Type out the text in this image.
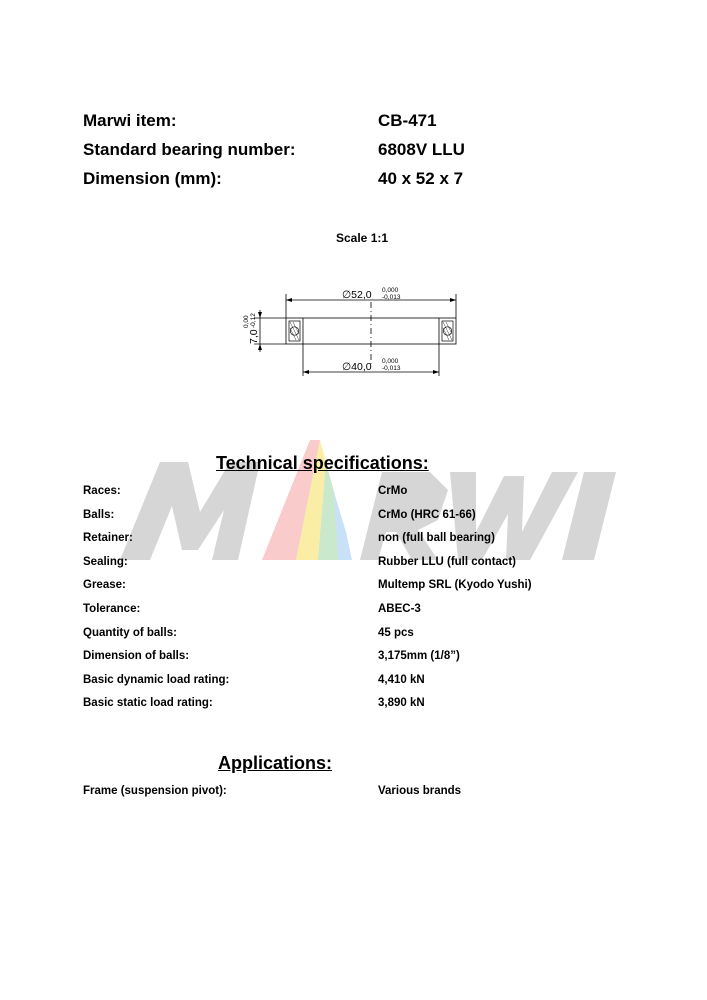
Marwi item:	CB-471
Standard bearing number:	6808V LLU
Dimension (mm):	40 x 52 x 7
Scale 1:1
∅52,0 0,000
-0,013
∅40,0 0,000
-0,013
7,0
0,00 -0,12
Technical specifications:
Races:	CrMo
Balls:	CrMo (HRC 61-66)
Retainer:	non (full ball bearing)
Sealing:	Rubber LLU (full contact)
Grease:	Multemp SRL (Kyodo Yushi)
Tolerance:	ABEC-3
Quantity of balls:	45 pcs
Dimension of balls:	3,175mm (1/8”)
Basic dynamic load rating:	4,410 kN
Basic static load rating:	3,890 kN
Applications:
Frame (suspension pivot):	Various brands
